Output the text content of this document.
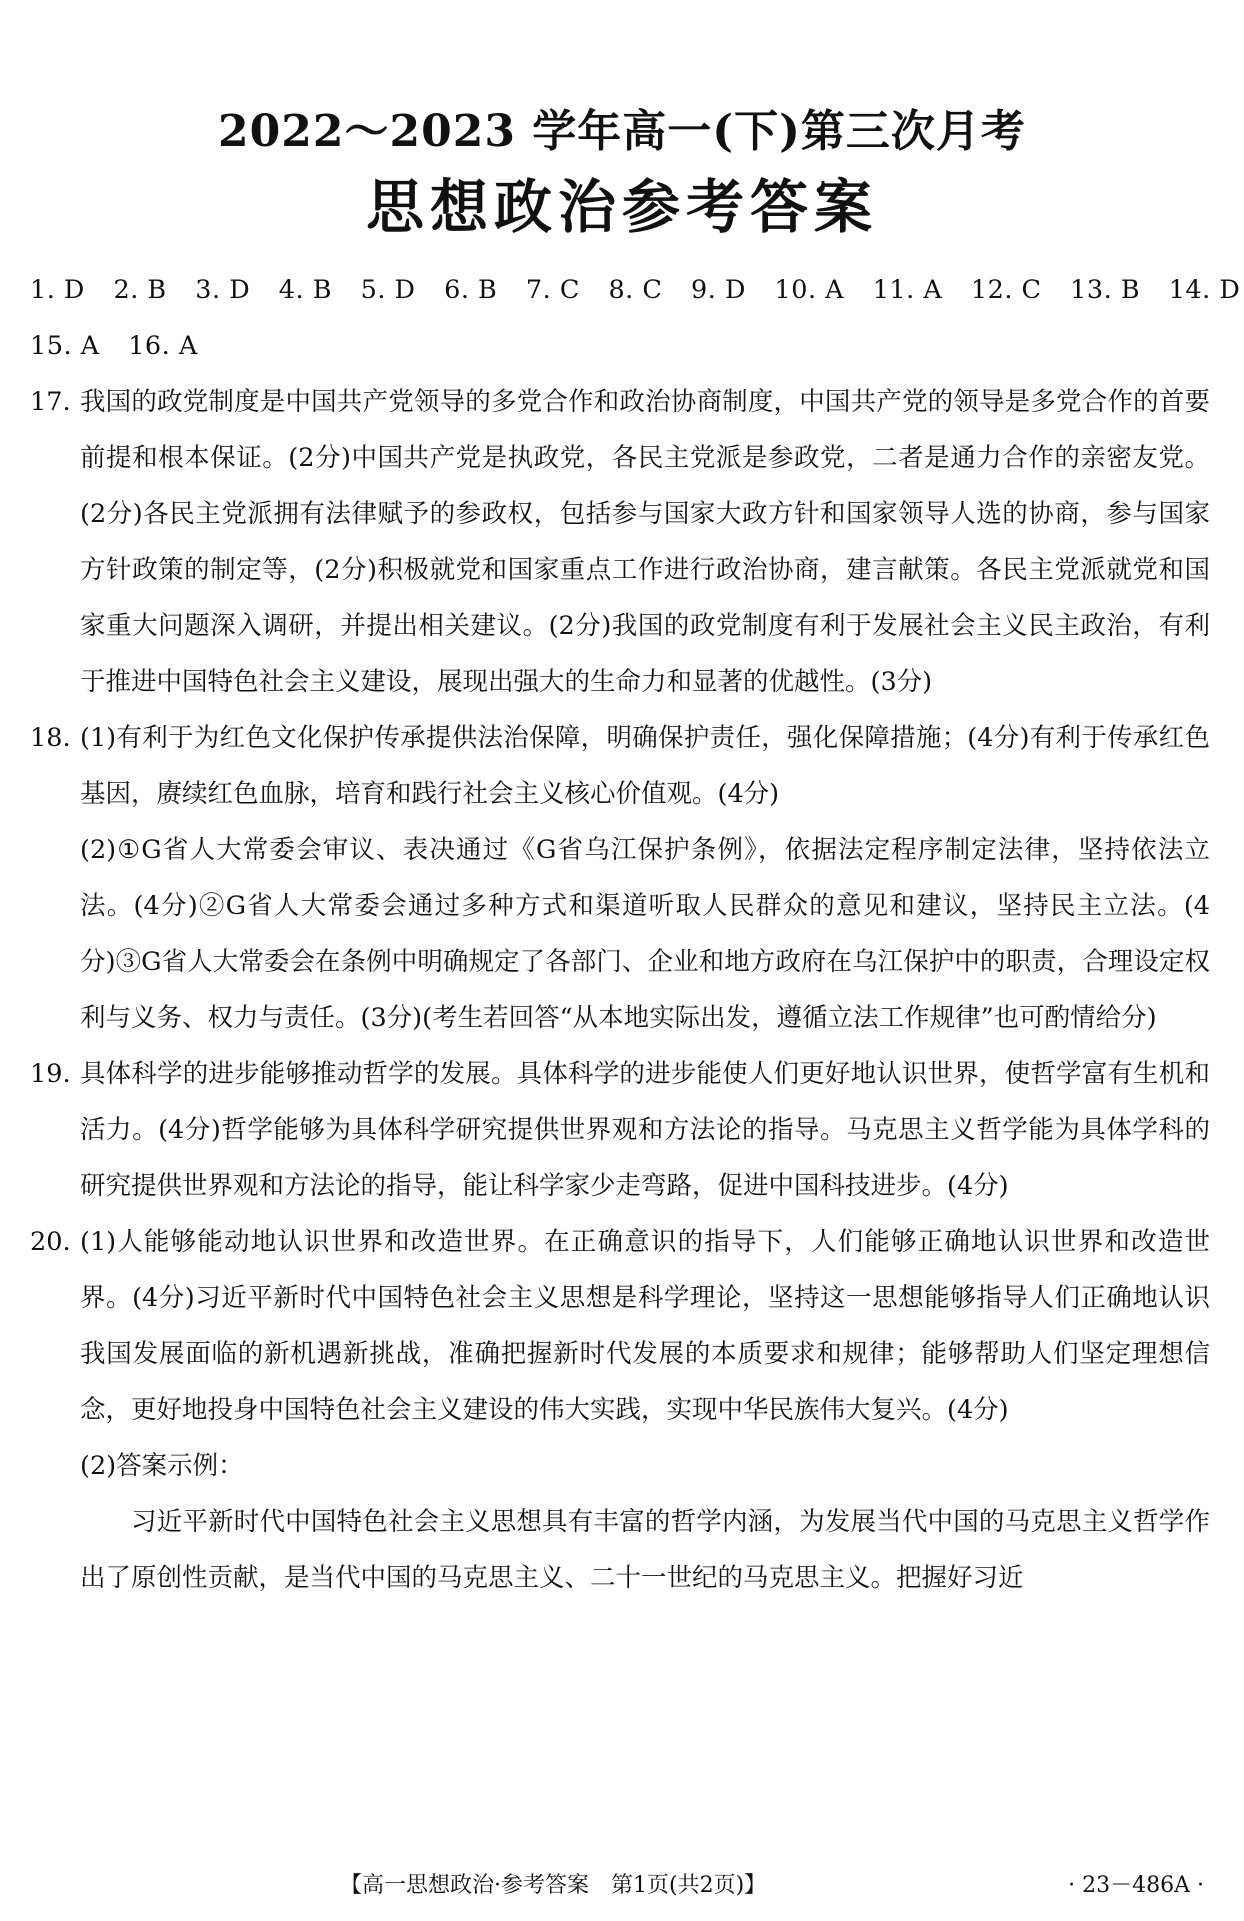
2022～2023 学年高一(下)第三次月考
思想政治参考答案
1. D 2. B 3. D 4. B 5. D 6. B 7. C 8. C 9. D 10. A 11. A 12. C 13. B 14. D
15. A 16. A
17. 我国的政党制度是中国共产党领导的多党合作和政治协商制度，中国共产党的领导是多党合作的首要前提和根本保证。(2分)中国共产党是执政党，各民主党派是参政党，二者是通力合作的亲密友党。(2分)各民主党派拥有法律赋予的参政权，包括参与国家大政方针和国家领导人选的协商，参与国家方针政策的制定等，(2分)积极就党和国家重点工作进行政治协商，建言献策。各民主党派就党和国家重大问题深入调研，并提出相关建议。(2分)我国的政党制度有利于发展社会主义民主政治，有利于推进中国特色社会主义建设，展现出强大的生命力和显著的优越性。(3分)
18. (1)有利于为红色文化保护传承提供法治保障，明确保护责任，强化保障措施；(4分)有利于传承红色基因，赓续红色血脉，培育和践行社会主义核心价值观。(4分)
(2)①G省人大常委会审议、表决通过《G省乌江保护条例》，依据法定程序制定法律，坚持依法立法。(4分)②G省人大常委会通过多种方式和渠道听取人民群众的意见和建议，坚持民主立法。(4分)③G省人大常委会在条例中明确规定了各部门、企业和地方政府在乌江保护中的职责，合理设定权利与义务、权力与责任。(3分)(考生若回答“从本地实际出发，遵循立法工作规律”也可酌情给分)
19. 具体科学的进步能够推动哲学的发展。具体科学的进步能使人们更好地认识世界，使哲学富有生机和活力。(4分)哲学能够为具体科学研究提供世界观和方法论的指导。马克思主义哲学能为具体学科的研究提供世界观和方法论的指导，能让科学家少走弯路，促进中国科技进步。(4分)
20. (1)人能够能动地认识世界和改造世界。在正确意识的指导下，人们能够正确地认识世界和改造世界。(4分)习近平新时代中国特色社会主义思想是科学理论，坚持这一思想能够指导人们正确地认识我国发展面临的新机遇新挑战，准确把握新时代发展的本质要求和规律；能够帮助人们坚定理想信念，更好地投身中国特色社会主义建设的伟大实践，实现中华民族伟大复兴。(4分)
(2)答案示例：
习近平新时代中国特色社会主义思想具有丰富的哲学内涵，为发展当代中国的马克思主义哲学作出了原创性贡献，是当代中国的马克思主义、二十一世纪的马克思主义。把握好习近
【高一思想政治·参考答案　第1页(共2页)】	· 23－486A ·
